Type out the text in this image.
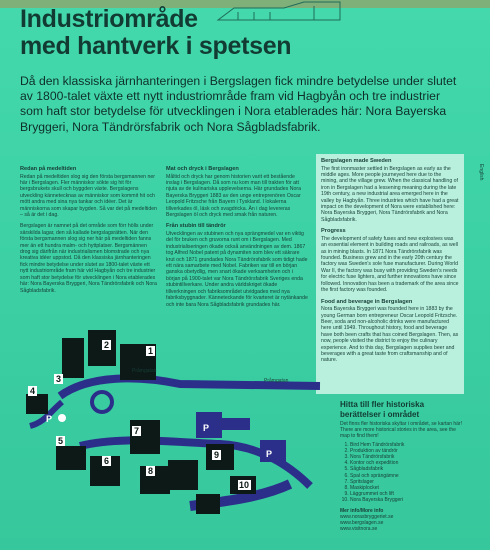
Industriområde
med hantverk i spetsen

Då den klassiska järnhanteringen i Bergslagen fick mindre betydelse under slutet av 1800-talet växte ett nytt industriområde fram vid Hagbyån och tre industrier som haft stor betydelse för utvecklingen i Nora etablerades här: Nora Bayerska Bryggeri, Nora Tändrörsfabrik och Nora Sågbladsfabrik.

Redan på medeltiden

Redan på medeltiden slog sig den första bergsmannen ner här i Bergslagen. Fler människor sökte sig hit för bergsbrukets skull och byggden växte. Bergslagens utveckling kännetecknas av människor som kommit hit och mött andra med sina nya tankar och idéer. Det är människorna som skapar bygden. Så var det på medeltiden – så är det i dag.

Bergslagen är namnet på det område som förr hölls under särskilda lagar, den så kallade bergslagsrätten. När den första bergsmannen slog sig ner här på medeltiden fanns mer än ett hundra malm- och hyttplatser. Bergsmännen drog sig därifrån när industrialismen blomstrade och nya kreativa idéer uppstod. Då den klassiska järnhanteringen fick mindre betydelse under slutet av 1800-talet växte ett nytt industriområde fram här vid Hagbyån och tre industrier som haft stor betydelse för utvecklingen i Nora etablerades här: Nora Bayerska Bryggeri, Nora Tändrörsfabrik och Nora Sågbladsfabrik.

Mat och dryck i Bergslagen

Måltid och dryck har genom historien varit ett bestående inslag i Bergslagen. Då som nu kom man till trakten för att njuta av de kulinariska upplevelserna. Här grundades Nora Bayerska Bryggeri 1883 av den unge entreprenören Oscar Leopold Fritzsche från Bayern i Tyskland. I lokalerna tillverkades öl, läsk och svagdricka. Än i dag levereras Bergslagen öl och dryck med smak från naturen.

Från stubin till tändrör

Utvecklingen av stubinen och nya sprängmedel var en viktig del för bruken och gruvorna runt om i Bergslagen. Med industrialiseringen ökade också användningen av dem. 1867 tog Alfred Nobel patent på dynamiten som blev ett säkrare krut och 1871 grundades Nora Tändrörsfabrik som tidigt hade ett nära samarbete med Nobel. Fabriken var till en början ganska obetydlig, men snart ökade verksamheten och i början på 1900-talet var Nora Tändrörsfabrik Sveriges enda stubintillverkare. Under andra världskriget ökade tillverkningen och fabriksområdet utvidgades med nya fabriksbyggnader. Känneteckande för kvarteret är nytänkande och inte bara Nora Sågbladsfabrik grundades här.

Bergslagen made Sweden

The first ironmaster settled in Bergslagen as early as the middle ages. More people journeyed here due to the mining, and the village grew. When the classical handling of iron in Bergslagen had a lessening meaning during the late 19th century, a new industrial area emerged here in the valley by Hagbyån. Three industries which have had a great impact on the development of Nora were established here: Nora Bayerska Bryggeri, Nora Tändrörsfabrik and Nora Sågbladsfabrik.

Progress

The development of safety fuses and new explosives was an essential element in building roads and railroads, as well as in mining blasts. In 1871 Nora Tändrörsfabrik was founded. Business grew and in the early 20th century the factory was Sweden's sole fuse manufacturer. During World War II, the factory was busy with providing Sweden's needs for electric fuse lighters, and further innovations have since followed. Innovation has been a trademark of the area since the first factory was founded.

Food and beverage in Bergslagen

Nora Bayerska Bryggeri was founded here in 1883 by the young German born entrepreneur Oscar Leopold Fritzsche. Beer, soda and non-alcoholic drinks were manufactured here until 1949. Throughout history, food and beverage have both been crafts that has coined Bergslagen. Then, as now, people visited the district to enjoy the culinary experience. And to this day, Bergslagen supplies beer and beverages with a great taste from craftsmanship and of nature.

English
P
P
P
Pråmgatan
Pråmgatan
1
2
3
4
5
6
7
8
9
10
Hitta till fler historiska
berättelser i området
Det finns fler historiska skyltar i området, se kartan här!
There are more historical stories in the area, see the map to find them!
1. Bird Hem Tändrörsfabrik
2. Produktion av tändrör
3. Nora Tändrörsfabrik
4. Kontor och expedition
5. Sågbladsfabrik
6. Spal och sprängämne
7. Spritslager
8. Maskiplocket
9. Läggrummet och lift
10. Nora Bayerska Bryggeri
Mer info/More info
www.norasbryggeriet.se
www.bergslagen.se
www.visitnora.se
